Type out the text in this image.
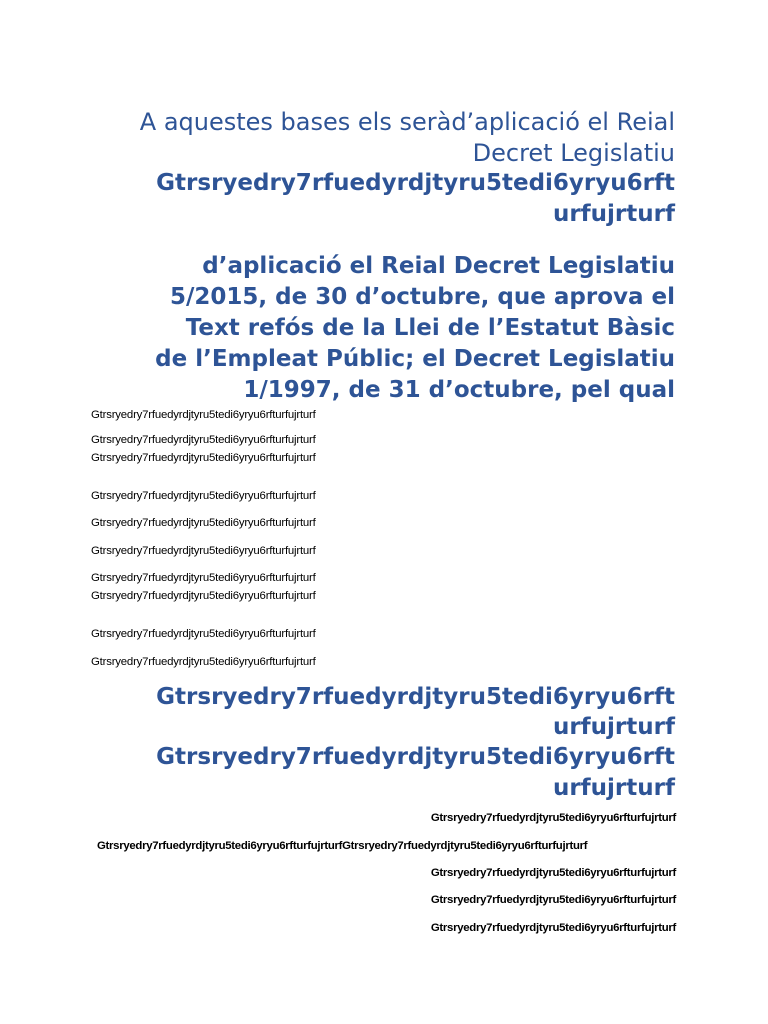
A aquestes bases els seràd’aplicació el Reial

Decret Legislatiu

Gtrsryedry7rfuedyrdjtyru5tedi6yryu6rft

urfujrturf

d’aplicació el Reial Decret Legislatiu

5/2015, de 30 d’octubre, que aprova el

Text refós de la Llei de l’Estatut Bàsic

de l’Empleat Públic; el Decret Legislatiu

1/1997, de 31 d’octubre, pel qual

Gtrsryedry7rfuedyrdjtyru5tedi6yryu6rfturfujrturf

Gtrsryedry7rfuedyrdjtyru5tedi6yryu6rfturfujrturf

Gtrsryedry7rfuedyrdjtyru5tedi6yryu6rfturfujrturf

Gtrsryedry7rfuedyrdjtyru5tedi6yryu6rfturfujrturf

Gtrsryedry7rfuedyrdjtyru5tedi6yryu6rfturfujrturf

Gtrsryedry7rfuedyrdjtyru5tedi6yryu6rfturfujrturf

Gtrsryedry7rfuedyrdjtyru5tedi6yryu6rfturfujrturf

Gtrsryedry7rfuedyrdjtyru5tedi6yryu6rfturfujrturf

Gtrsryedry7rfuedyrdjtyru5tedi6yryu6rfturfujrturf

Gtrsryedry7rfuedyrdjtyru5tedi6yryu6rfturfujrturf

Gtrsryedry7rfuedyrdjtyru5tedi6yryu6rft

urfujrturf

Gtrsryedry7rfuedyrdjtyru5tedi6yryu6rft

urfujrturf

Gtrsryedry7rfuedyrdjtyru5tedi6yryu6rfturfujrturf

Gtrsryedry7rfuedyrdjtyru5tedi6yryu6rfturfujrturfGtrsryedry7rfuedyrdjtyru5tedi6yryu6rfturfujrturf

Gtrsryedry7rfuedyrdjtyru5tedi6yryu6rfturfujrturf

Gtrsryedry7rfuedyrdjtyru5tedi6yryu6rfturfujrturf

Gtrsryedry7rfuedyrdjtyru5tedi6yryu6rfturfujrturf
